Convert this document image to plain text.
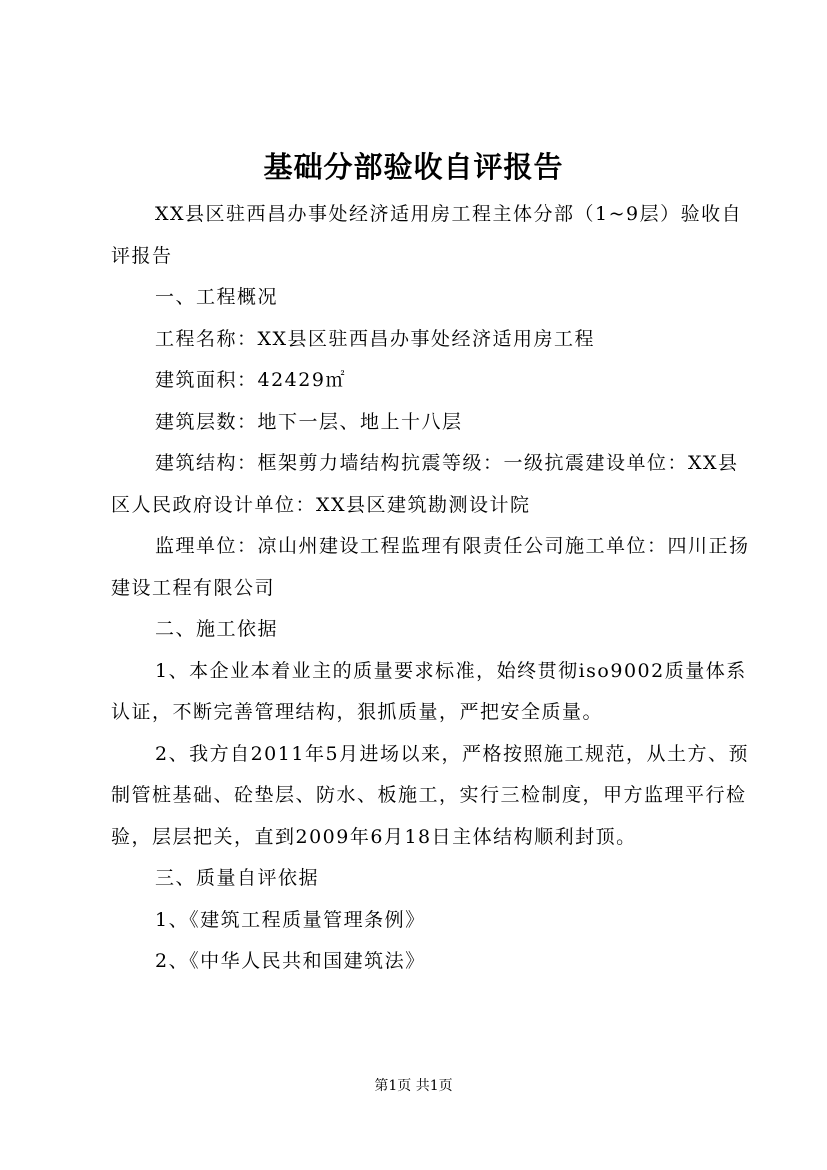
基础分部验收自评报告

XX县区驻西昌办事处经济适用房工程主体分部（1~9层）验收自评报告

一、工程概况

工程名称：XX县区驻西昌办事处经济适用房工程

建筑面积：42429㎡

建筑层数：地下一层、地上十八层

建筑结构：框架剪力墙结构抗震等级：一级抗震建设单位：XX县区人民政府设计单位：XX县区建筑勘测设计院

监理单位：凉山州建设工程监理有限责任公司施工单位：四川正扬建设工程有限公司

二、施工依据

1、本企业本着业主的质量要求标准，始终贯彻iso9002质量体系认证，不断完善管理结构，狠抓质量，严把安全质量。

2、我方自2011年5月进场以来，严格按照施工规范，从土方、预制管桩基础、砼垫层、防水、板施工，实行三检制度，甲方监理平行检验，层层把关，直到2009年6月18日主体结构顺利封顶。

三、质量自评依据

1、《建筑工程质量管理条例》

2、《中华人民共和国建筑法》

第1页 共1页
